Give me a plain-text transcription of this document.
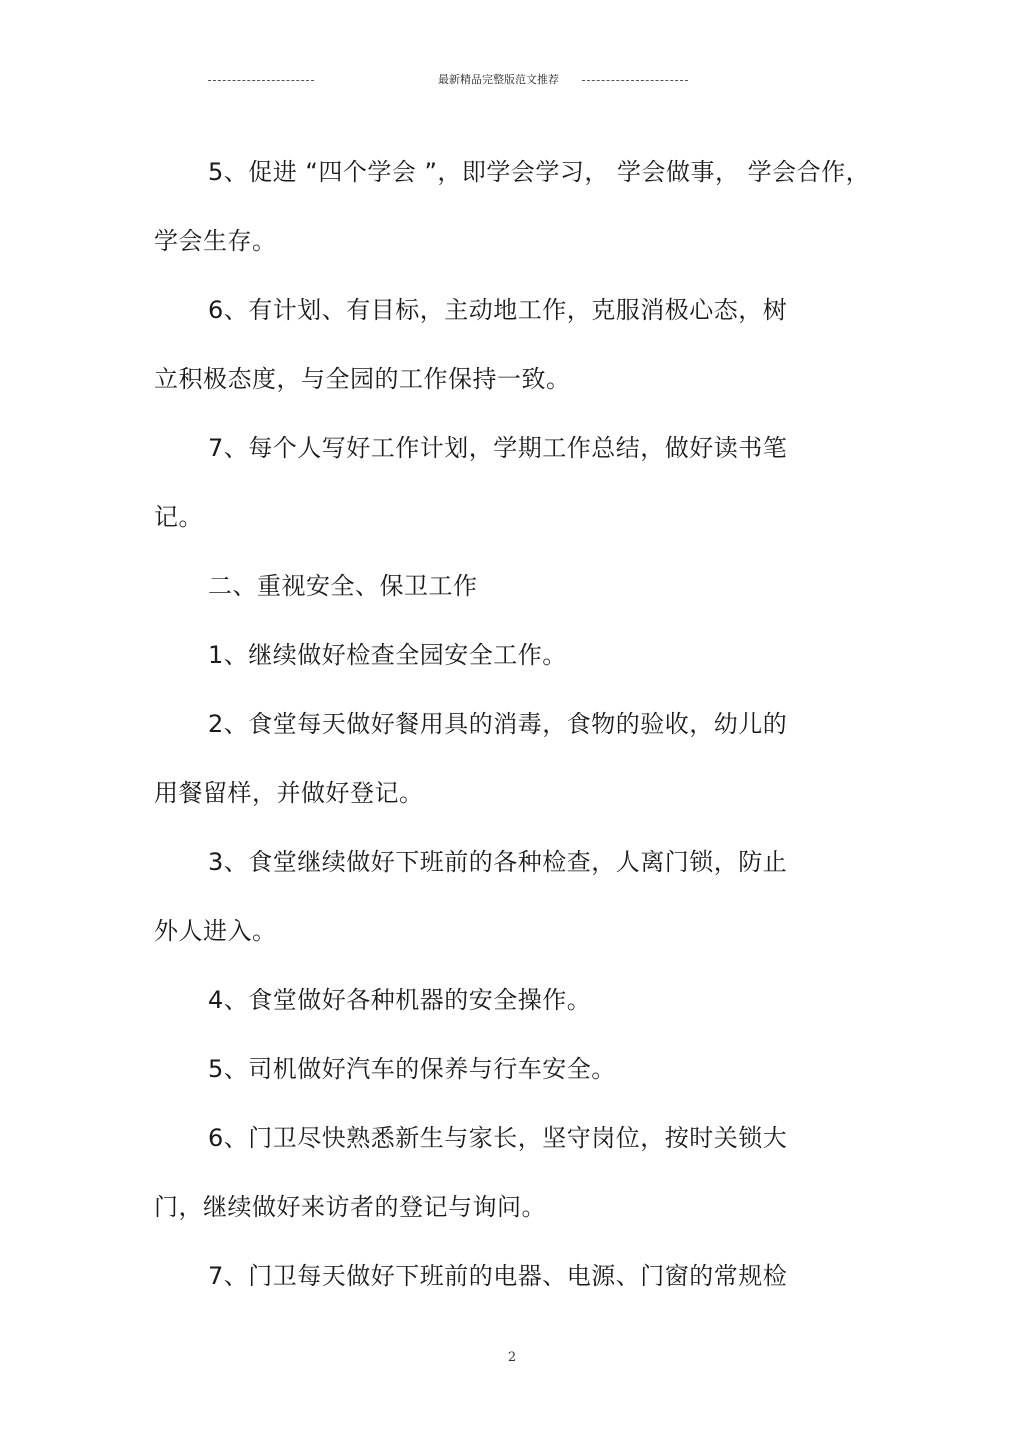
最新精品完整版范文推荐
5、促进 “四个学会 ”，即学会学习， 学会做事， 学会合作，
学会生存。
6、有计划、有目标，主动地工作，克服消极心态，树
立积极态度，与全园的工作保持一致。
7、每个人写好工作计划，学期工作总结，做好读书笔
记。
二、重视安全、保卫工作
1、继续做好检查全园安全工作。
2、食堂每天做好餐用具的消毒，食物的验收，幼儿的
用餐留样，并做好登记。
3、食堂继续做好下班前的各种检查，人离门锁，防止
外人进入。
4、食堂做好各种机器的安全操作。
5、司机做好汽车的保养与行车安全。
6、门卫尽快熟悉新生与家长，坚守岗位，按时关锁大
门，继续做好来访者的登记与询问。
7、门卫每天做好下班前的电器、电源、门窗的常规检
2
